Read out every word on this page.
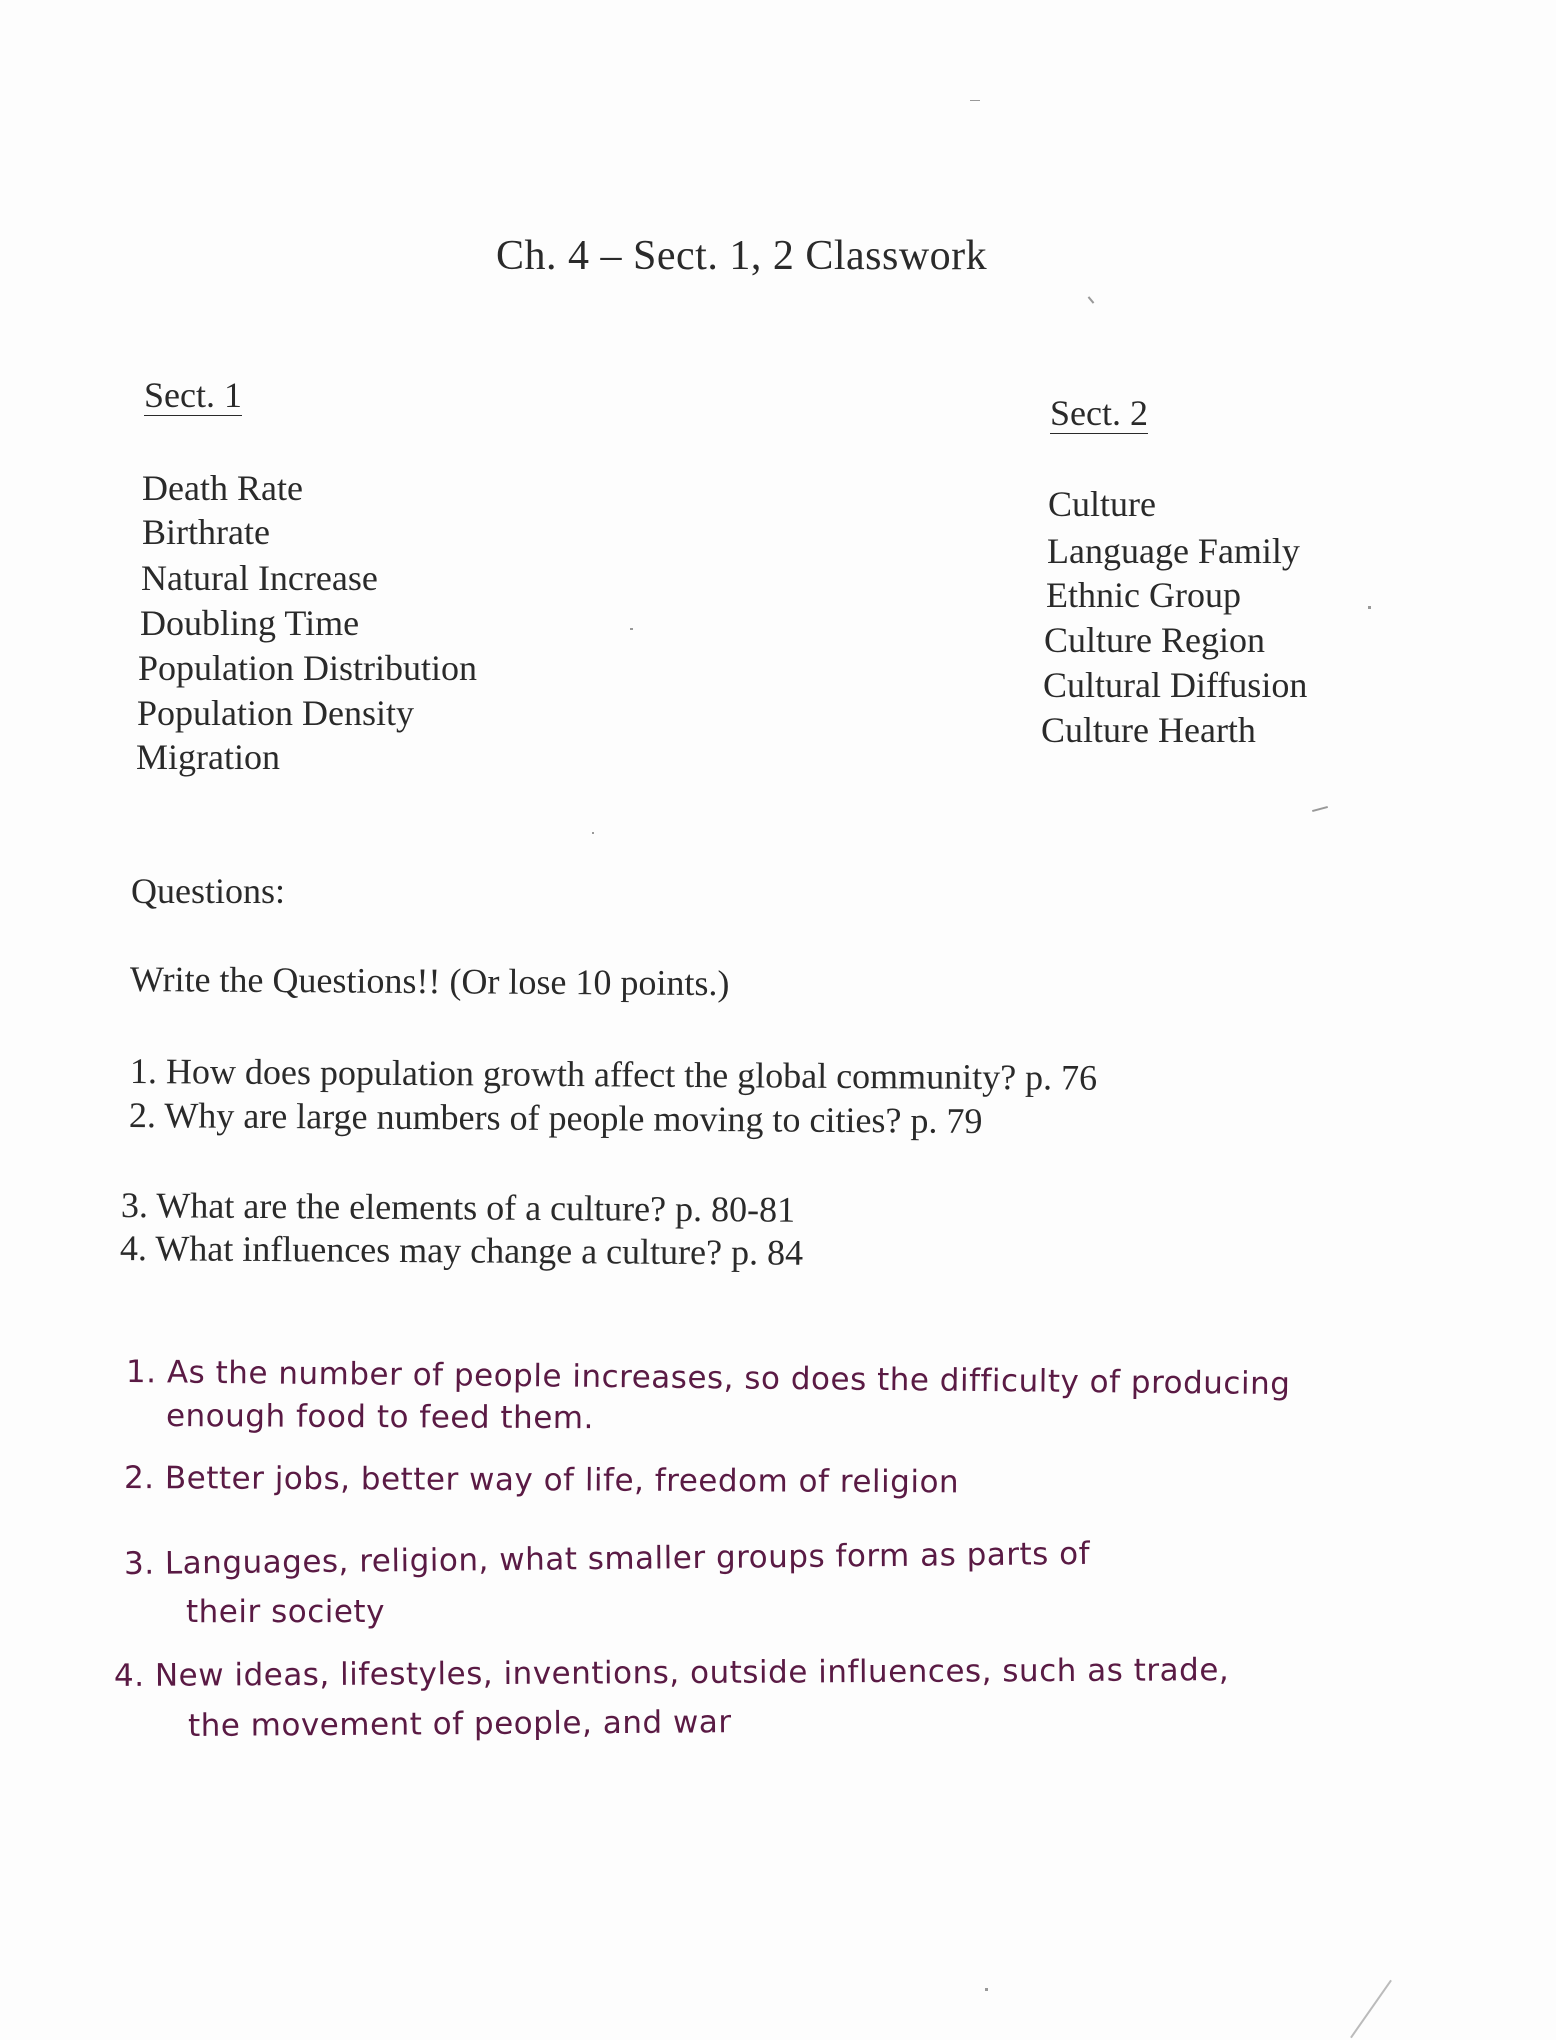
Ch. 4 – Sect. 1, 2 Classwork
Sect. 1
Death Rate
Birthrate
Natural Increase
Doubling Time
Population Distribution
Population Density
Migration
Sect. 2
Culture
Language Family
Ethnic Group
Culture Region
Cultural Diffusion
Culture Hearth
Questions:
Write the Questions!! (Or lose 10 points.)
1. How does population growth affect the global community? p. 76
2. Why are large numbers of people moving to cities? p. 79
3. What are the elements of a culture? p. 80-81
4. What influences may change a culture? p. 84
1. As the number of people increases, so does the difficulty of producing
enough food to feed them.
2. Better jobs, better way of life, freedom of religion
3. Languages, religion, what smaller groups form as parts of
their society
4. New ideas, lifestyles, inventions, outside influences, such as trade,
the movement of people, and war
